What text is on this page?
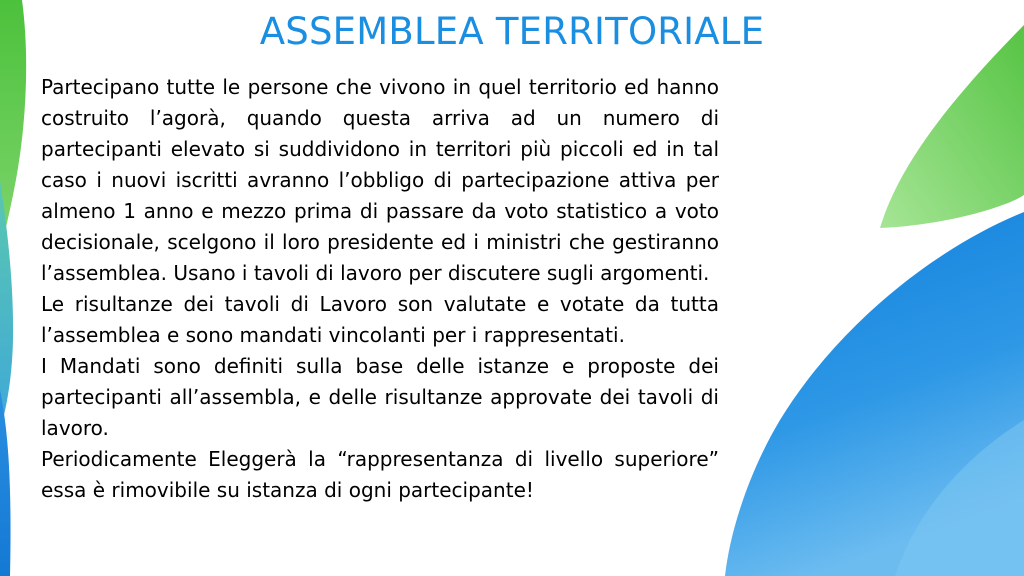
ASSEMBLEA TERRITORIALE

Partecipano tutte le persone che vivono in quel territorio ed hanno costruito l’agorà, quando questa arriva ad un numero di partecipanti elevato si suddividono in territori più piccoli ed in tal caso i nuovi iscritti avranno l’obbligo di partecipazione attiva per almeno 1 anno e mezzo prima di passare da voto statistico a voto decisionale, scelgono il loro presidente ed i ministri che gestiranno l’assemblea. Usano i tavoli di lavoro per discutere sugli argomenti.

Le risultanze dei tavoli di Lavoro son valutate e votate da tutta l’assemblea e sono mandati vincolanti per i rappresentati.

I Mandati sono definiti sulla base delle istanze e proposte dei partecipanti all’assembla, e delle risultanze approvate dei tavoli di lavoro.

Periodicamente Eleggerà la “rappresentanza di livello superiore” essa è rimovibile su istanza di ogni partecipante!
